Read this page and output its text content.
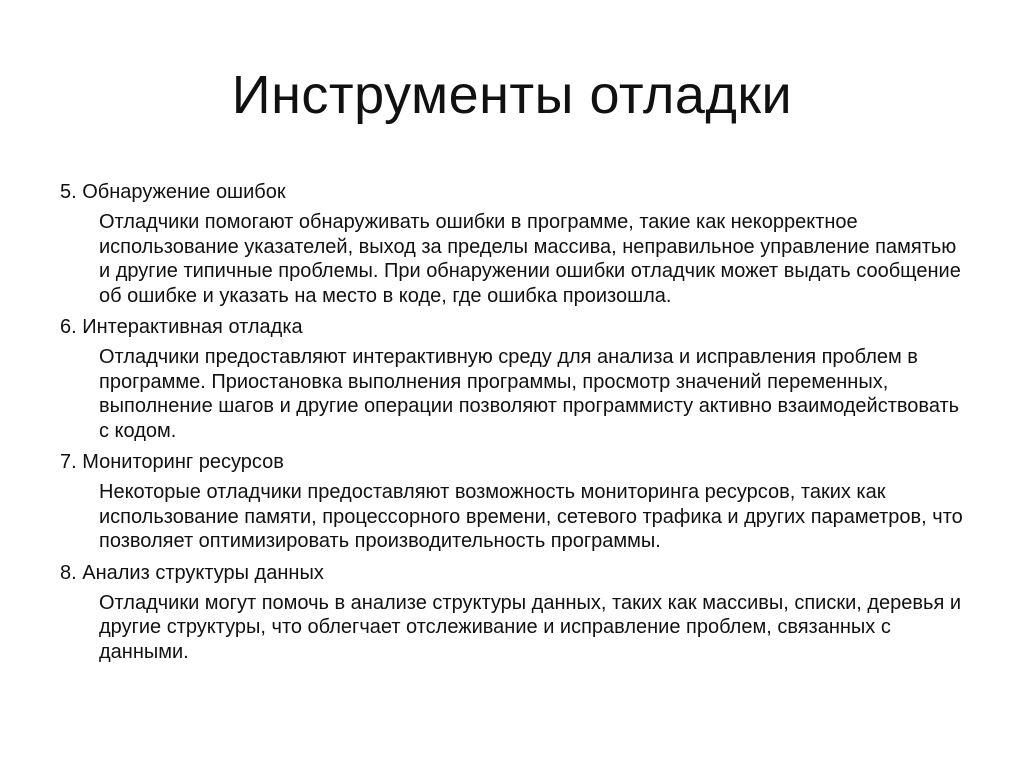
Инструменты отладки

5. Обнаружение ошибок

Отладчики помогают обнаруживать ошибки в программе, такие как некорректное использование указателей, выход за пределы массива, неправильное управление памятью и другие типичные проблемы. При обнаружении ошибки отладчик может выдать сообщение об ошибке и указать на место в коде, где ошибка произошла.

6. Интерактивная отладка

Отладчики предоставляют интерактивную среду для анализа и исправления проблем в программе. Приостановка выполнения программы, просмотр значений переменных, выполнение шагов и другие операции позволяют программисту активно взаимодействовать с кодом.

7. Мониторинг ресурсов

Некоторые отладчики предоставляют возможность мониторинга ресурсов, таких как использование памяти, процессорного времени, сетевого трафика и других параметров, что позволяет оптимизировать производительность программы.

8. Анализ структуры данных

Отладчики могут помочь в анализе структуры данных, таких как массивы, списки, деревья и другие структуры, что облегчает отслеживание и исправление проблем, связанных с данными.
